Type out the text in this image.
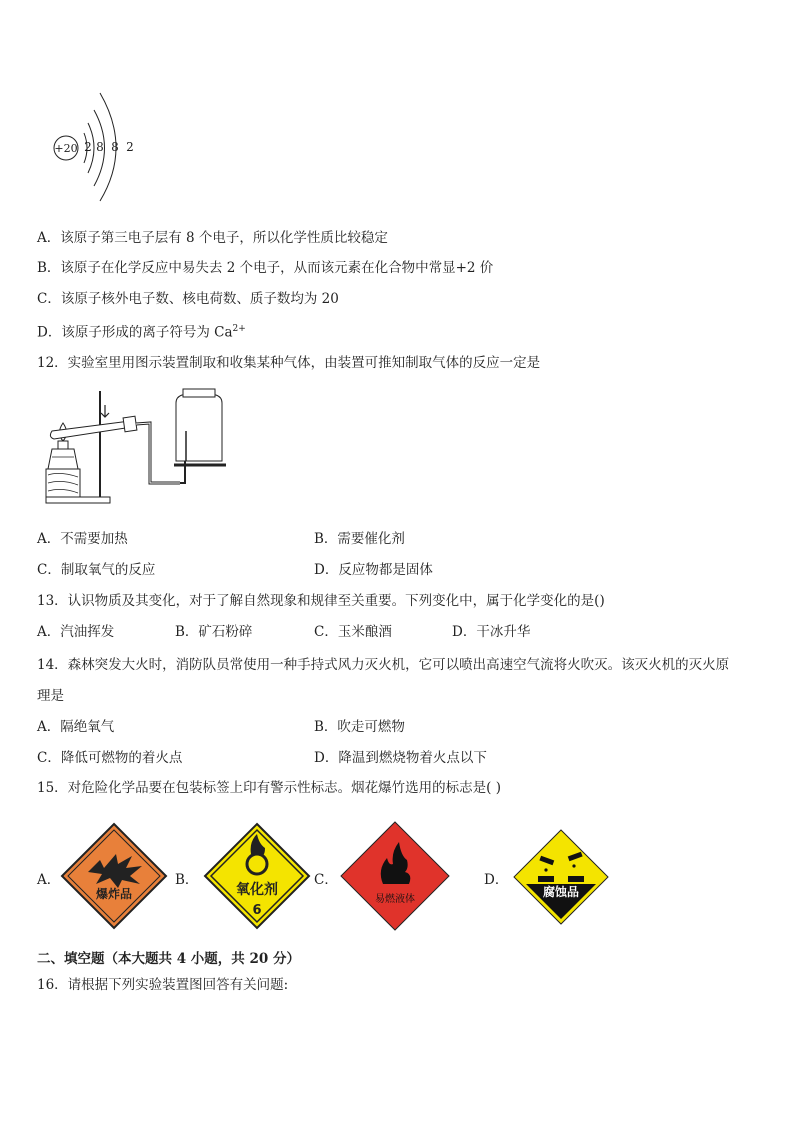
+20 2 8 8 2
A．该原子第三电子层有 8 个电子，所以化学性质比较稳定
B．该原子在化学反应中易失去 2 个电子，从而该元素在化合物中常显+2 价
C．该原子核外电子数、核电荷数、质子数均为 20
D．该原子形成的离子符号为 $Ca^{2+}$
12．实验室里用图示装置制取和收集某种气体，由装置可推知制取气体的反应一定是
A．不需要加热	B．需要催化剂
C．制取氧气的反应	D．反应物都是固体
13．认识物质及其变化，对于了解自然现象和规律至关重要。下列变化中，属于化学变化的是()
A．汽油挥发	B．矿石粉碎	C．玉米酿酒	D．干冰升华
14．森林突发大火时，消防队员常使用一种手持式风力灭火机，它可以喷出高速空气流将火吹灭。该灭火机的灭火原
理是
A．隔绝氧气	B．吹走可燃物
C．降低可燃物的着火点	D．降温到燃烧物着火点以下
15．对危险化学品要在包装标签上印有警示性标志。烟花爆竹选用的标志是( )
A．
爆炸品
B．
氧化剂
6
C．
易燃液体
D．
腐蚀品
二、填空题（本大题共 4 小题，共 20 分）
16．请根据下列实验装置图回答有关问题:
